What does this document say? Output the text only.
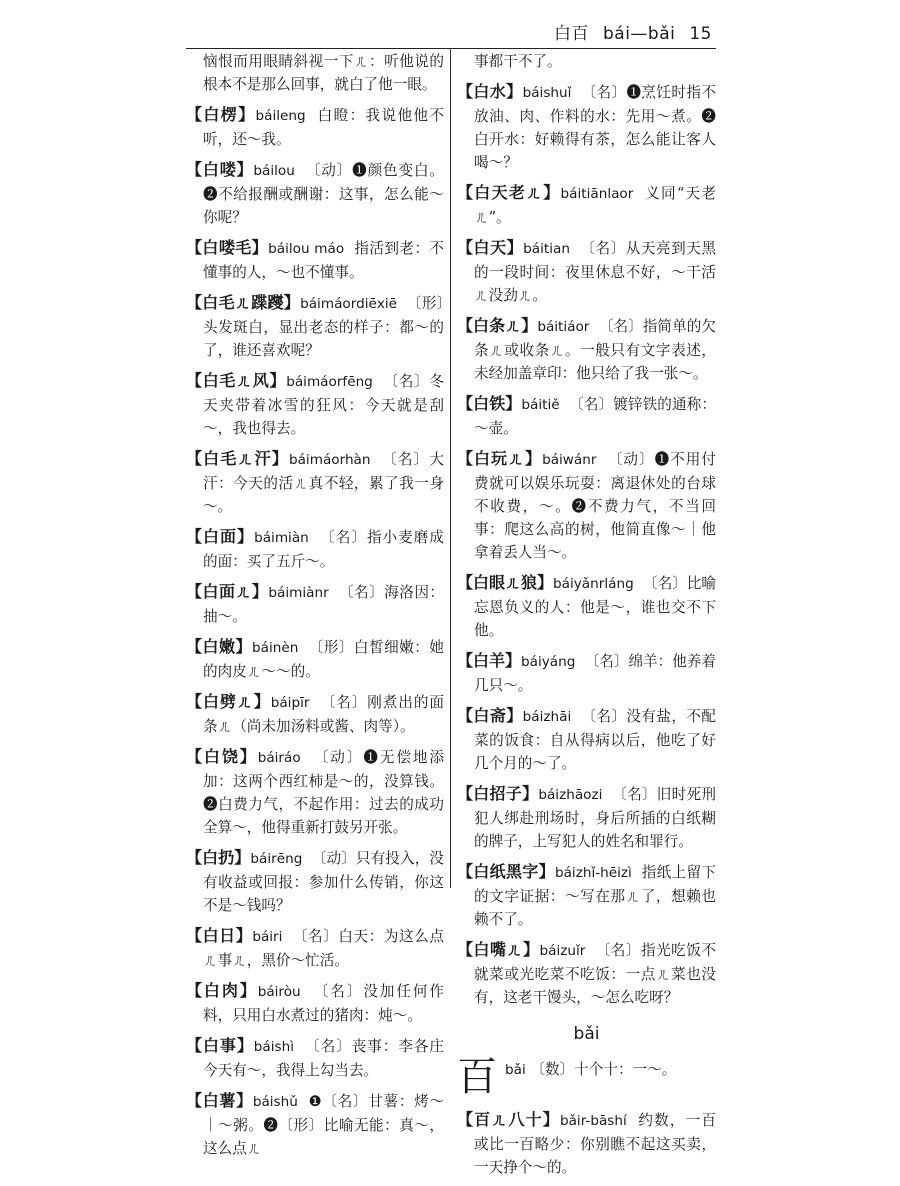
白百 bái—bǎi 15

恼恨而用眼睛斜视一下ㄦ：听他说的根本不是那么回事，就白了他一眼。

【白楞】báileng 白瞪：我说他他不听，还～我。

【白喽】báilou 〔动〕❶颜色变白。❷不给报酬或酬谢：这事，怎么能～你呢？

【白喽毛】báilou máo 指活到老：不懂事的人，～也不懂事。

【白毛ㄦ蹀躞】báimáordiēxiē 〔形〕头发斑白，显出老态的样子：都～的了，谁还喜欢呢？

【白毛ㄦ风】báimáorfēng 〔名〕冬天夹带着冰雪的狂风：今天就是刮～，我也得去。

【白毛ㄦ汗】báimáorhàn 〔名〕大汗：今天的活ㄦ真不轻，累了我一身～。

【白面】báimiàn 〔名〕指小麦磨成的面：买了五斤～。

【白面ㄦ】báimiànr 〔名〕海洛因：抽～。

【白嫩】báinèn 〔形〕白皙细嫩：她的肉皮ㄦ～～的。

【白劈ㄦ】báipīr 〔名〕刚煮出的面条ㄦ（尚未加汤料或酱、肉等）。

【白饶】báiráo 〔动〕❶无偿地添加：这两个西红柿是～的，没算钱。❷白费力气，不起作用：过去的成功全算～，他得重新打鼓另开张。

【白扔】báirēng 〔动〕只有投入，没有收益或回报：参加什么传销，你这不是～钱吗？

【白日】báiri 〔名〕白天：为这么点ㄦ事ㄦ，黑价～忙活。

【白肉】báiròu 〔名〕没加任何作料，只用白水煮过的猪肉：炖～。

【白事】báishì 〔名〕丧事：李各庄今天有～，我得上勾当去。

【白薯】báishǔ ❶〔名〕甘薯：烤～｜～粥。❷〔形〕比喻无能：真～，这么点ㄦ

事都干不了。

【白水】báishuǐ 〔名〕❶烹饪时指不放油、肉、作料的水：先用～煮。❷白开水：好赖得有茶，怎么能让客人喝～？

【白天老ㄦ】báitiānlaor 义同“天老ㄦ”。

【白天】báitian 〔名〕从天亮到天黑的一段时间：夜里休息不好，～干活ㄦ没劲ㄦ。

【白条ㄦ】báitiáor 〔名〕指简单的欠条ㄦ或收条ㄦ。一般只有文字表述，未经加盖章印：他只给了我一张～。

【白铁】báitiě 〔名〕镀锌铁的通称：～壶。

【白玩ㄦ】báiwánr 〔动〕❶不用付费就可以娱乐玩耍：离退休处的台球不收费，～。❷不费力气，不当回事：爬这么高的树，他简直像～｜他拿着丢人当～。

【白眼ㄦ狼】báiyǎnrláng 〔名〕比喻忘恩负义的人：他是～，谁也交不下他。

【白羊】báiyáng 〔名〕绵羊：他养着几只～。

【白斋】báizhāi 〔名〕没有盐，不配菜的饭食：自从得病以后，他吃了好几个月的～了。

【白招子】báizhāozi 〔名〕旧时死刑犯人绑赴刑场时，身后所插的白纸糊的牌子，上写犯人的姓名和罪行。

【白纸黑字】báizhǐ-hēizì 指纸上留下的文字证据：～写在那ㄦ了，想赖也赖不了。

【白嘴ㄦ】báizuǐr 〔名〕指光吃饭不就菜或光吃菜不吃饭：一点ㄦ菜也没有，这老干馒头，～怎么吃呀？

bǎi
百 bǎi 〔数〕十个十：一～。

【百ㄦ八十】bǎir-bāshí 约数，一百或比一百略少：你别瞧不起这买卖，一天挣个～的。
